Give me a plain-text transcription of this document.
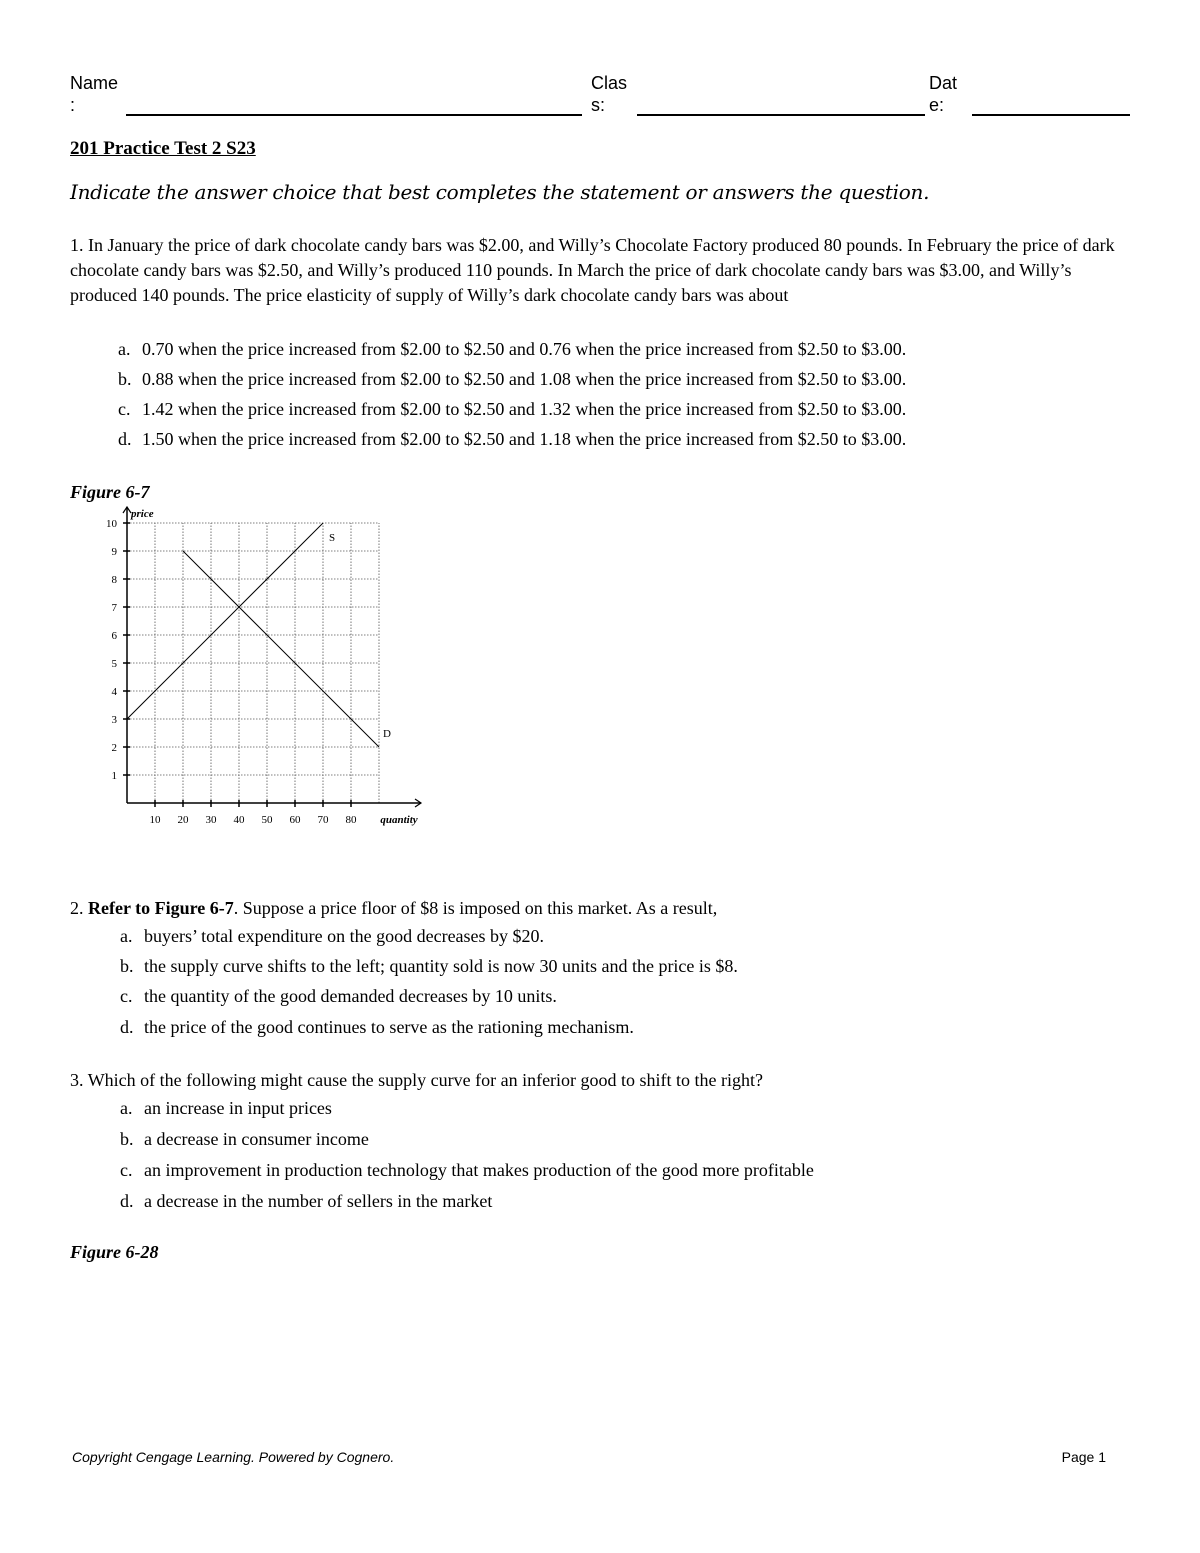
Name
:
Clas
s:
Dat
e:
201 Practice Test 2 S23
Indicate the answer choice that best completes the statement or answers the question.
1. In January the price of dark chocolate candy bars was $2.00, and Willy’s Chocolate Factory produced 80 pounds. In February the price of dark chocolate candy bars was $2.50, and Willy’s produced 110 pounds. In March the price of dark chocolate candy bars was $3.00, and Willy’s produced 140 pounds. The price elasticity of supply of Willy’s dark chocolate candy bars was about
a. 0.70 when the price increased from $2.00 to $2.50 and 0.76 when the price increased from $2.50 to $3.00.
b. 0.88 when the price increased from $2.00 to $2.50 and 1.08 when the price increased from $2.50 to $3.00.
c. 1.42 when the price increased from $2.00 to $2.50 and 1.32 when the price increased from $2.50 to $3.00.
d. 1.50 when the price increased from $2.00 to $2.50 and 1.18 when the price increased from $2.50 to $3.00.
Figure 6-7
10 20 30 40 50 60 70 80
1
2
3
4
5
6
7
8
9
10
quantity
price
S
D
2. Refer to Figure 6-7. Suppose a price floor of $8 is imposed on this market. As a result,
a. buyers’ total expenditure on the good decreases by $20.
b. the supply curve shifts to the left; quantity sold is now 30 units and the price is $8.
c. the quantity of the good demanded decreases by 10 units.
d. the price of the good continues to serve as the rationing mechanism.
3. Which of the following might cause the supply curve for an inferior good to shift to the right?
a. an increase in input prices
b. a decrease in consumer income
c. an improvement in production technology that makes production of the good more profitable
d. a decrease in the number of sellers in the market
Figure 6-28
Copyright Cengage Learning. Powered by Cognero.	Page 1
